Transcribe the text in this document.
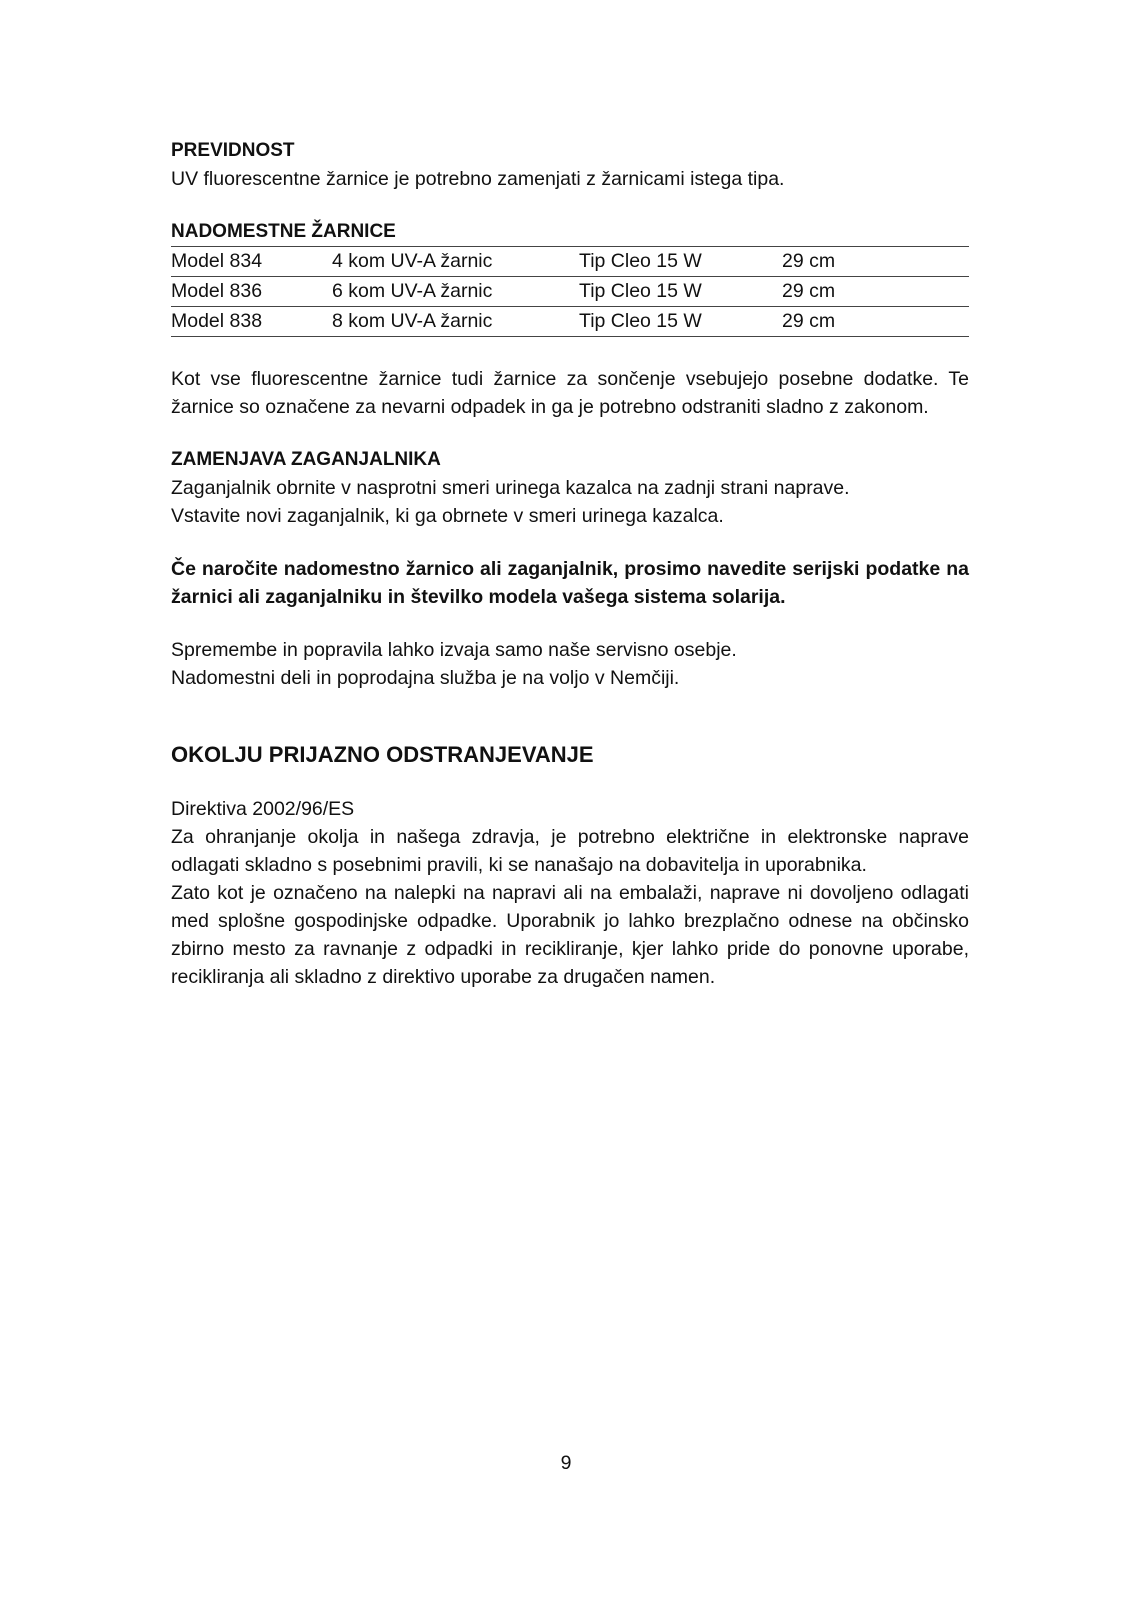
PREVIDNOST

UV fluorescentne žarnice je potrebno zamenjati z žarnicami istega tipa.

NADOMESTNE ŽARNICE

Model 834	4 kom UV-A žarnic	Tip Cleo 15 W	29 cm
Model 836	6 kom UV-A žarnic	Tip Cleo 15 W	29 cm
Model 838	8 kom UV-A žarnic	Tip Cleo 15 W	29 cm

Kot vse fluorescentne žarnice tudi žarnice za sončenje vsebujejo posebne dodatke. Te žarnice so označene za nevarni odpadek in ga je potrebno odstraniti sladno z zakonom.

ZAMENJAVA ZAGANJALNIKA

Zaganjalnik obrnite v nasprotni smeri urinega kazalca na zadnji strani naprave.

Vstavite novi zaganjalnik, ki ga obrnete v smeri urinega kazalca.

Če naročite nadomestno žarnico ali zaganjalnik, prosimo navedite serijski podatke na žarnici ali zaganjalniku in številko modela vašega sistema solarija.

Spremembe in popravila lahko izvaja samo naše servisno osebje.

Nadomestni deli in poprodajna služba je na voljo v Nemčiji.

OKOLJU PRIJAZNO ODSTRANJEVANJE

Direktiva 2002/96/ES

Za ohranjanje okolja in našega zdravja, je potrebno električne in elektronske naprave odlagati skladno s posebnimi pravili, ki se nanašajo na dobavitelja in uporabnika.

Zato kot je označeno na nalepki na napravi ali na embalaži, naprave ni dovoljeno odlagati med splošne gospodinjske odpadke. Uporabnik jo lahko brezplačno odnese na občinsko zbirno mesto za ravnanje z odpadki in recikliranje, kjer lahko pride do ponovne uporabe, recikliranja ali skladno z direktivo uporabe za drugačen namen.

9
